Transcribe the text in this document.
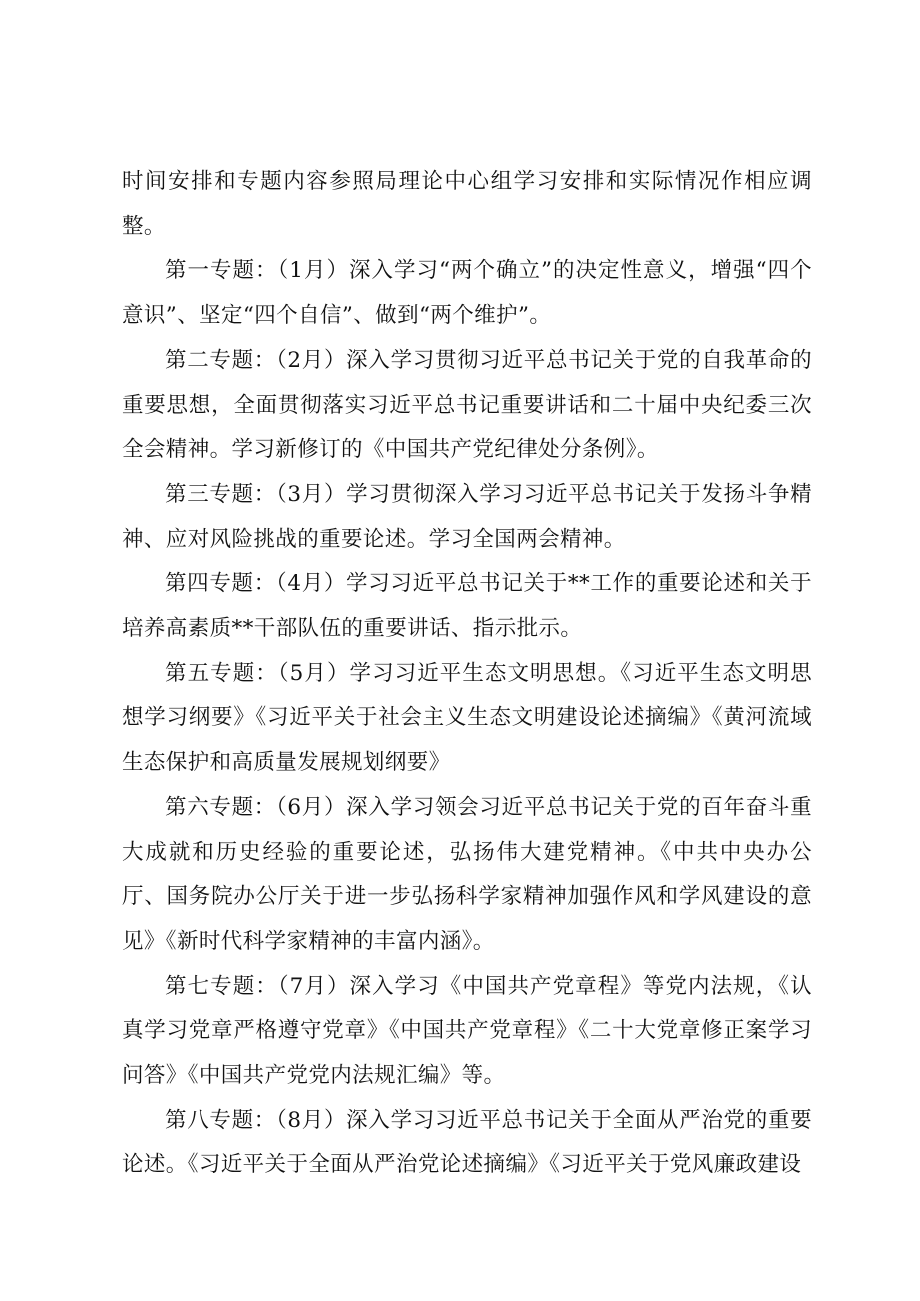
时间安排和专题内容参照局理论中心组学习安排和实际情况作相应调整。

第一专题：（1月）深入学习“两个确立”的决定性意义，增强“四个意识”、坚定“四个自信”、做到“两个维护”。

第二专题：（2月）深入学习贯彻习近平总书记关于党的自我革命的重要思想，全面贯彻落实习近平总书记重要讲话和二十届中央纪委三次全会精神。学习新修订的《中国共产党纪律处分条例》。

第三专题：（3月）学习贯彻深入学习习近平总书记关于发扬斗争精神、应对风险挑战的重要论述。学习全国两会精神。

第四专题：（4月）学习习近平总书记关于**工作的重要论述和关于培养高素质**干部队伍的重要讲话、指示批示。

第五专题：（5月）学习习近平生态文明思想。《习近平生态文明思想学习纲要》《习近平关于社会主义生态文明建设论述摘编》《黄河流域生态保护和高质量发展规划纲要》

第六专题：（6月）深入学习领会习近平总书记关于党的百年奋斗重大成就和历史经验的重要论述，弘扬伟大建党精神。《中共中央办公厅、国务院办公厅关于进一步弘扬科学家精神加强作风和学风建设的意见》《新时代科学家精神的丰富内涵》。

第七专题：（7月）深入学习《中国共产党章程》等党内法规，《认真学习党章严格遵守党章》《中国共产党章程》《二十大党章修正案学习问答》《中国共产党党内法规汇编》等。

第八专题：（8月）深入学习习近平总书记关于全面从严治党的重要论述。《习近平关于全面从严治党论述摘编》《习近平关于党风廉政建设
